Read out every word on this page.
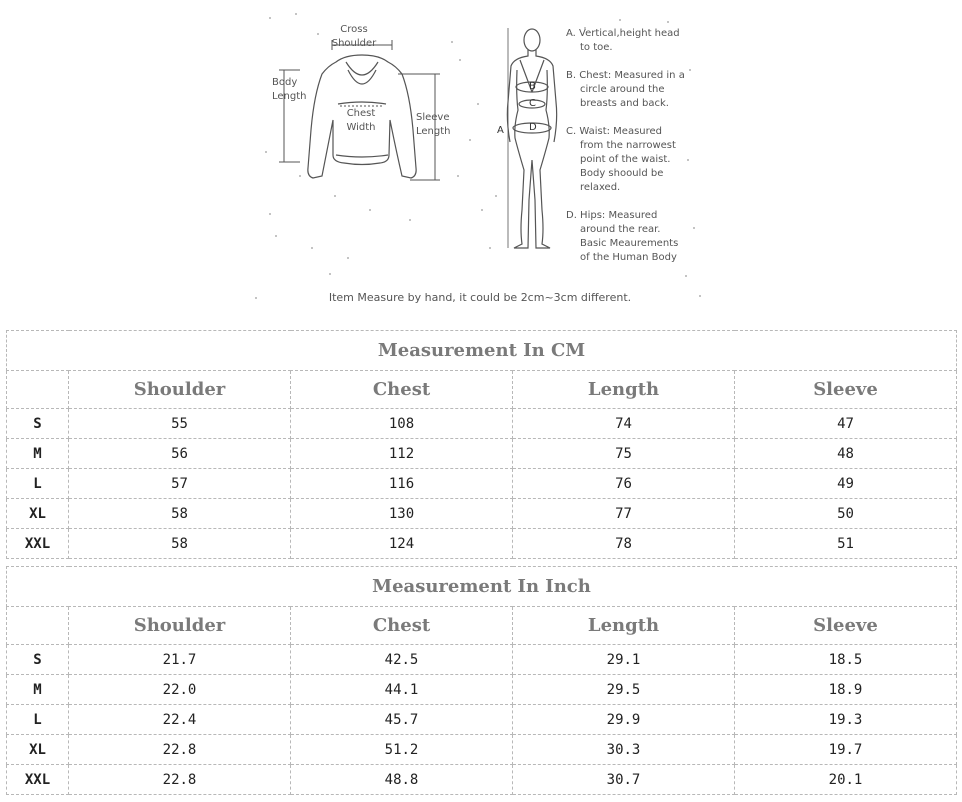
Cross
Shoulder
Body
Length
Chest
Width
Sleeve
Length	A
B
C
D
A. Vertical,height head
to toe.
B. Chest: Measured in a
circle around the
breasts and back.
C. Waist: Measured
from the narrowest
point of the waist.
Body shoould be
relaxed.
D. Hips: Measured
around the rear.
Basic Meaurements
of the Human Body
Item Measure by hand, it could be 2cm~3cm different.
Measurement In CM				
	Shoulder	Chest	Length	Sleeve
S	55	108	74	47
M	56	112	75	48
L	57	116	76	49
XL	58	130	77	50
XXL	58	124	78	51
Measurement In Inch				
	Shoulder	Chest	Length	Sleeve
S	21.7	42.5	29.1	18.5
M	22.0	44.1	29.5	18.9
L	22.4	45.7	29.9	19.3
XL	22.8	51.2	30.3	19.7
XXL	22.8	48.8	30.7	20.1
